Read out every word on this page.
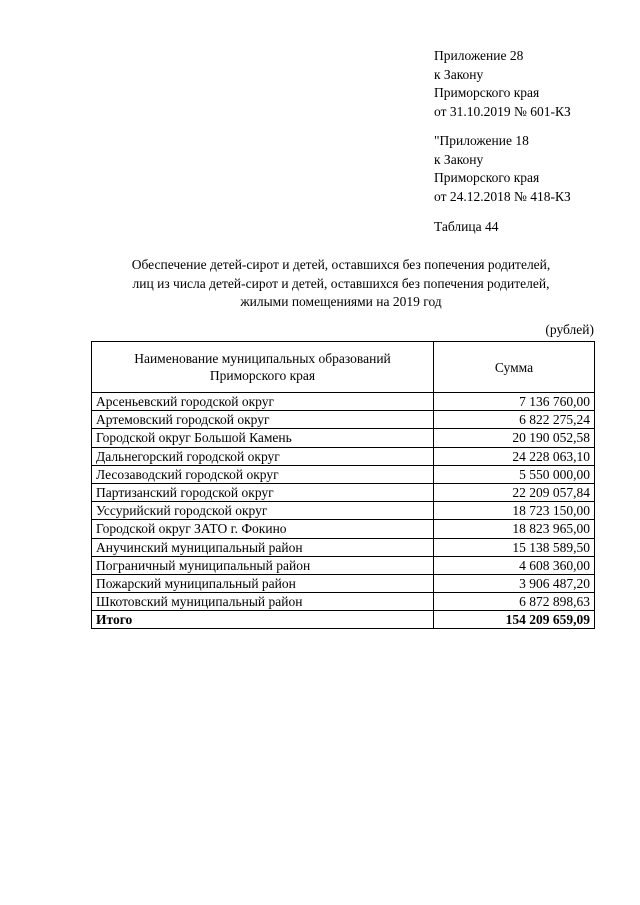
Приложение 28
к Закону
Приморского края
от 31.10.2019 № 601-КЗ
"Приложение 18
к Закону
Приморского края
от 24.12.2018 № 418-КЗ
Таблица 44
Обеспечение детей-сирот и детей, оставшихся без попечения родителей,
лиц из числа детей-сирот и детей, оставшихся без попечения родителей,
жилыми помещениями на 2019 год
(рублей)
Наименование муниципальных образований
Приморского края	Сумма
Арсеньевский городской округ	7 136 760,00
Артемовский городской округ	6 822 275,24
Городской округ Большой Камень	20 190 052,58
Дальнегорский городской округ	24 228 063,10
Лесозаводский городской округ	5 550 000,00
Партизанский городской округ	22 209 057,84
Уссурийский городской округ	18 723 150,00
Городской округ ЗАТО г. Фокино	18 823 965,00
Анучинский муниципальный район	15 138 589,50
Пограничный муниципальный район	4 608 360,00
Пожарский муниципальный район	3 906 487,20
Шкотовский муниципальный район	6 872 898,63
Итого	154 209 659,09
